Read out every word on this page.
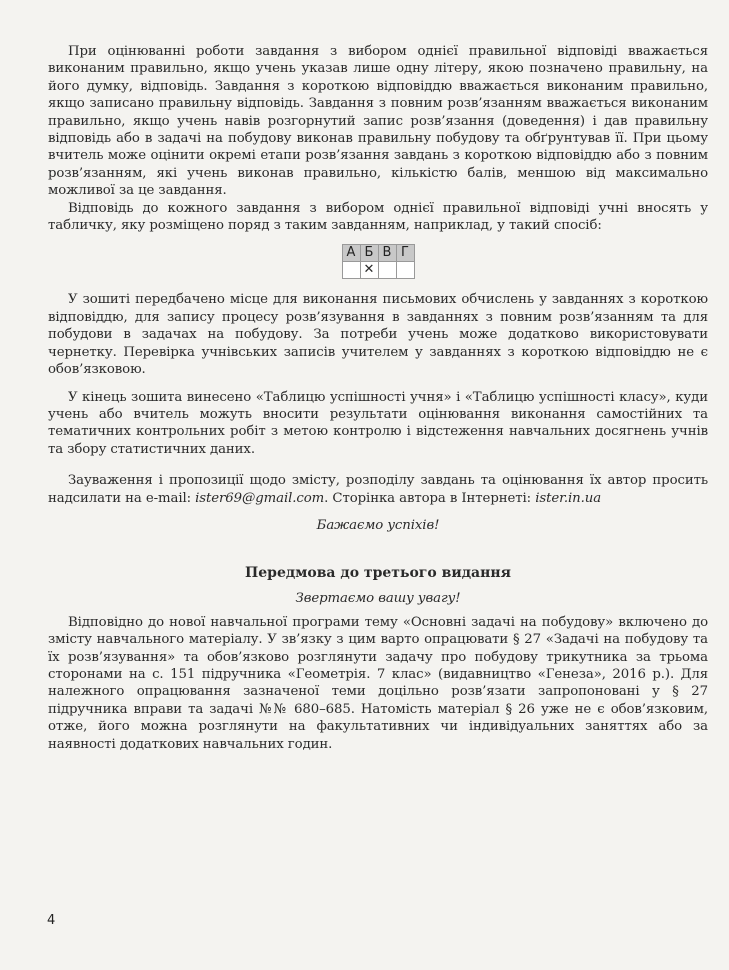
При оцінюванні роботи завдання з вибором однієї правильної відповіді вважається виконаним правильно, якщо учень указав лише одну літеру, якою позначено правильну, на його думку, відповідь. Завдання з короткою відповіддю вважається виконаним правильно, якщо записано правильну відповідь. Завдання з повним розв’язанням вважається виконаним правильно, якщо учень навів розгорнутий запис розв’язання (доведення) і дав правильну відповідь або в задачі на побудову виконав правильну побудову та обґрунтував її. При цьому вчитель може оцінити окремі етапи розв’язання завдань з короткою відповіддю або з повним розв’язанням, які учень виконав правильно, кількістю балів, меншою від максимально можливої за це завдання.

Відповідь до кожного завдання з вибором однієї правильної відповіді учні вносять у табличку, яку розміщено поряд з таким завданням, наприклад, у такий спосіб:

А	Б	В	Г
	✕		

У зошиті передбачено місце для виконання письмових обчислень у завданнях з короткою відповіддю, для запису процесу розв’язування в завданнях з повним розв’язанням та для побудови в задачах на побудову. За потреби учень може додатково використовувати чернетку. Перевірка учнівських записів учителем у завданнях з короткою відповіддю не є обов’язковою.

У кінець зошита винесено «Таблицю успішності учня» і «Таблицю успішності класу», куди учень або вчитель можуть вносити результати оцінювання виконання самостійних та тематичних контрольних робіт з метою контролю і відстеження навчальних досягнень учнів та збору статистичних даних.

Зауваження і пропозиції щодо змісту, розподілу завдань та оцінювання їх автор просить надсилати на e-mail: ister69@gmail.com. Сторінка автора в Інтернеті: ister.in.ua

Бажаємо успіхів!

Передмова до третього видання

Звертаємо вашу увагу!

Відповідно до нової навчальної програми тему «Основні задачі на побудову» включено до змісту навчального матеріалу. У зв’язку з цим варто опрацювати § 27 «Задачі на побудову та їх розв’язування» та обов’язково розглянути задачу про побудову трикутника за трьома сторонами на с. 151 підручника «Геометрія. 7 клас» (видавництво «Генеза», 2016 р.). Для належного опрацювання зазначеної теми доцільно розв’язати запропоновані у § 27 підручника вправи та задачі №№ 680–685. Натомість матеріал § 26 уже не є обов’язковим, отже, його можна розглянути на факультативних чи індивідуальних заняттях або за наявності додаткових навчальних годин.

4
